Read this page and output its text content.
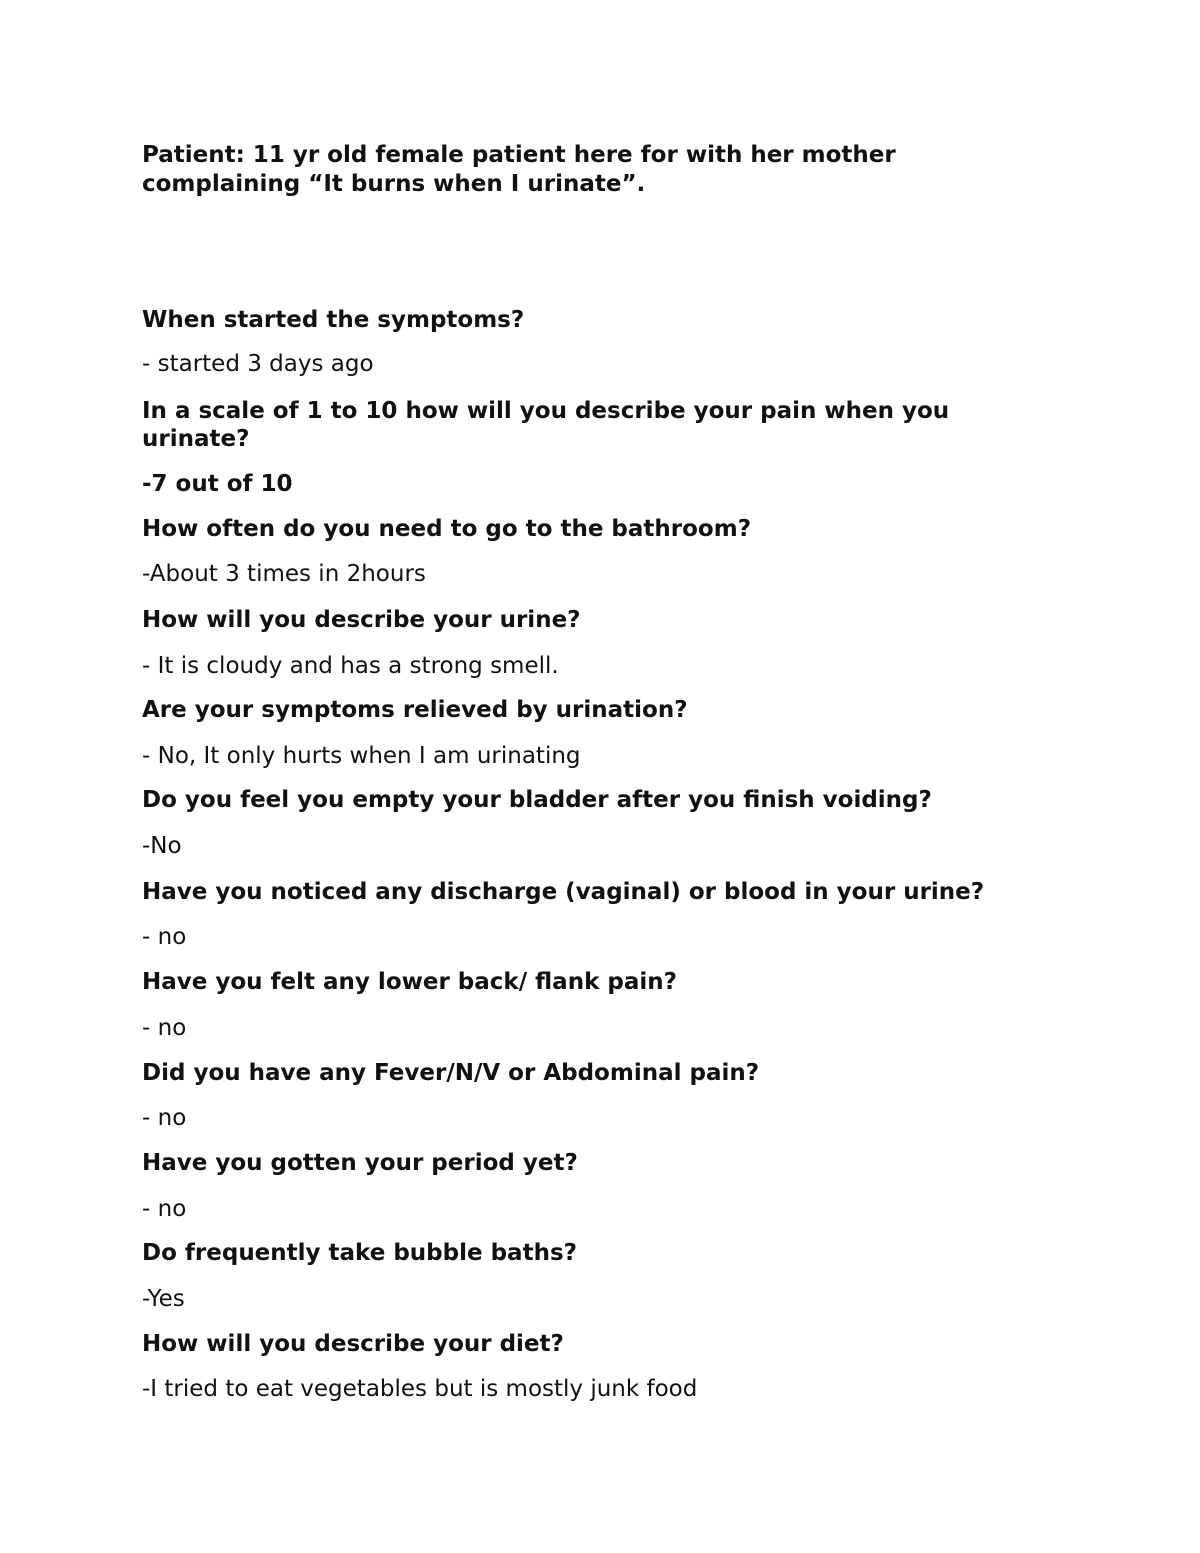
Patient: 11 yr old female patient here for with her mother complaining “It burns when I urinate”.

When started the symptoms?

- started 3 days ago

In a scale of 1 to 10 how will you describe your pain when you urinate?

-7 out of 10

How often do you need to go to the bathroom?

-About 3 times in 2hours

How will you describe your urine?

- It is cloudy and has a strong smell.

Are your symptoms relieved by urination?

- No, It only hurts when I am urinating

Do you feel you empty your bladder after you finish voiding?

-No

Have you noticed any discharge (vaginal) or blood in your urine?

- no

Have you felt any lower back/ flank pain?

- no

Did you have any Fever/N/V or Abdominal pain?

- no

Have you gotten your period yet?

- no

Do frequently take bubble baths?

-Yes

How will you describe your diet?

-I tried to eat vegetables but is mostly junk food
